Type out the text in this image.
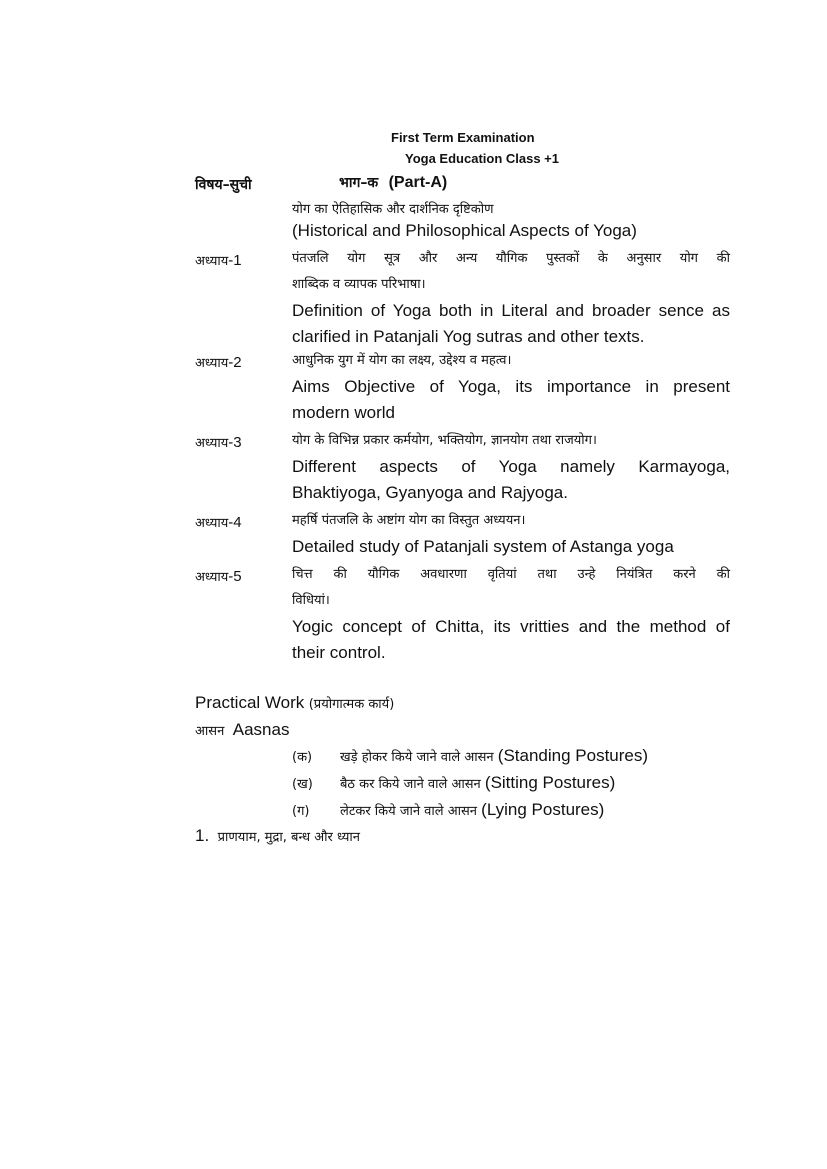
First Term Examination
Yoga Education Class +1
विषय–सुची	भाग–क (Part-A)
योग का ऐतिहासिक और दार्शनिक दृष्टिकोण
(Historical and Philosophical Aspects of Yoga)
अध्याय-1	पंतजलि योग सूत्र और अन्य यौगिक पुस्तकों के अनुसार योग की
शाब्दिक व व्यापक परिभाषा।
Definition of Yoga both in Literal and broader sence as
clarified in Patanjali Yog sutras and other texts.
अध्याय-2	आधुनिक युग में योग का लक्ष्य, उद्देश्य व महत्व।
Aims Objective of Yoga, its importance in present
modern world
अध्याय-3	योग के विभिन्न प्रकार कर्मयोग, भक्तियोग, ज्ञानयोग तथा राजयोग।
Different aspects of Yoga namely Karmayoga,
Bhaktiyoga, Gyanyoga and Rajyoga.
अध्याय-4	महर्षि पंतजलि के अष्टांग योग का विस्तुत अध्ययन।
Detailed study of Patanjali system of Astanga yoga
अध्याय-5	चित्त की यौगिक अवधारणा वृतियां तथा उन्हे नियंत्रित करने की
विधियां।
Yogic concept of Chitta, its vritties and the method of
their control.
Practical Work (प्रयोगात्मक कार्य)
आसन Aasnas
(क) खड़े होकर किये जाने वाले आसन (Standing Postures)
(ख) बैठ कर किये जाने वाले आसन (Sitting Postures)
(ग) लेटकर किये जाने वाले आसन (Lying Postures)
1. प्राणयाम, मुद्रा, बन्ध और ध्यान
